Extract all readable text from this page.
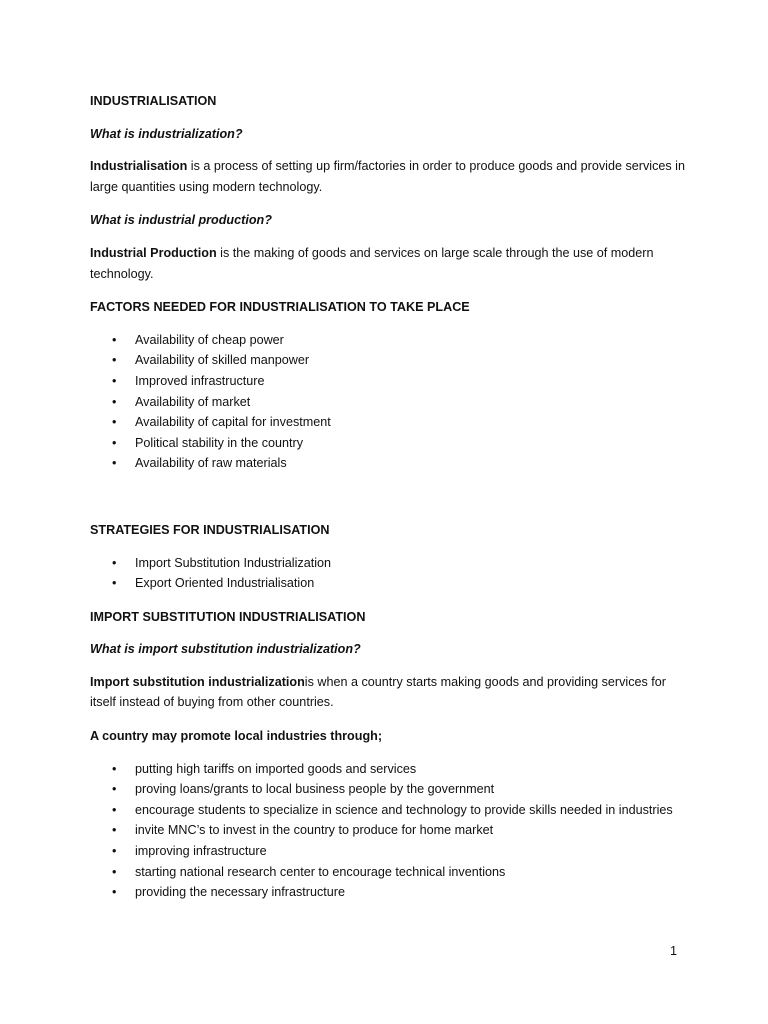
INDUSTRIALISATION
What is industrialization?

Industrialisation is a process of setting up firm/factories in order to produce goods and provide services in large quantities using modern technology.

What is industrial production?

Industrial Production is the making of goods and services on large scale through the use of modern technology.

FACTORS NEEDED FOR INDUSTRIALISATION TO TAKE PLACE
• Availability of cheap power
• Availability of skilled manpower
• Improved infrastructure
• Availability of market
• Availability of capital for investment
• Political stability in the country
• Availability of raw materials
STRATEGIES FOR INDUSTRIALISATION
• Import Substitution Industrialization
• Export Oriented Industrialisation
IMPORT SUBSTITUTION INDUSTRIALISATION
What is import substitution industrialization?

Import substitution industrializationis when a country starts making goods and providing services for itself instead of buying from other countries.

A country may promote local industries through;
• putting high tariffs on imported goods and services
• proving loans/grants to local business people by the government
• encourage students to specialize in science and technology to provide skills needed in industries
• invite MNC’s to invest in the country to produce for home market
• improving infrastructure
• starting national research center to encourage technical inventions
• providing the necessary infrastructure
1
